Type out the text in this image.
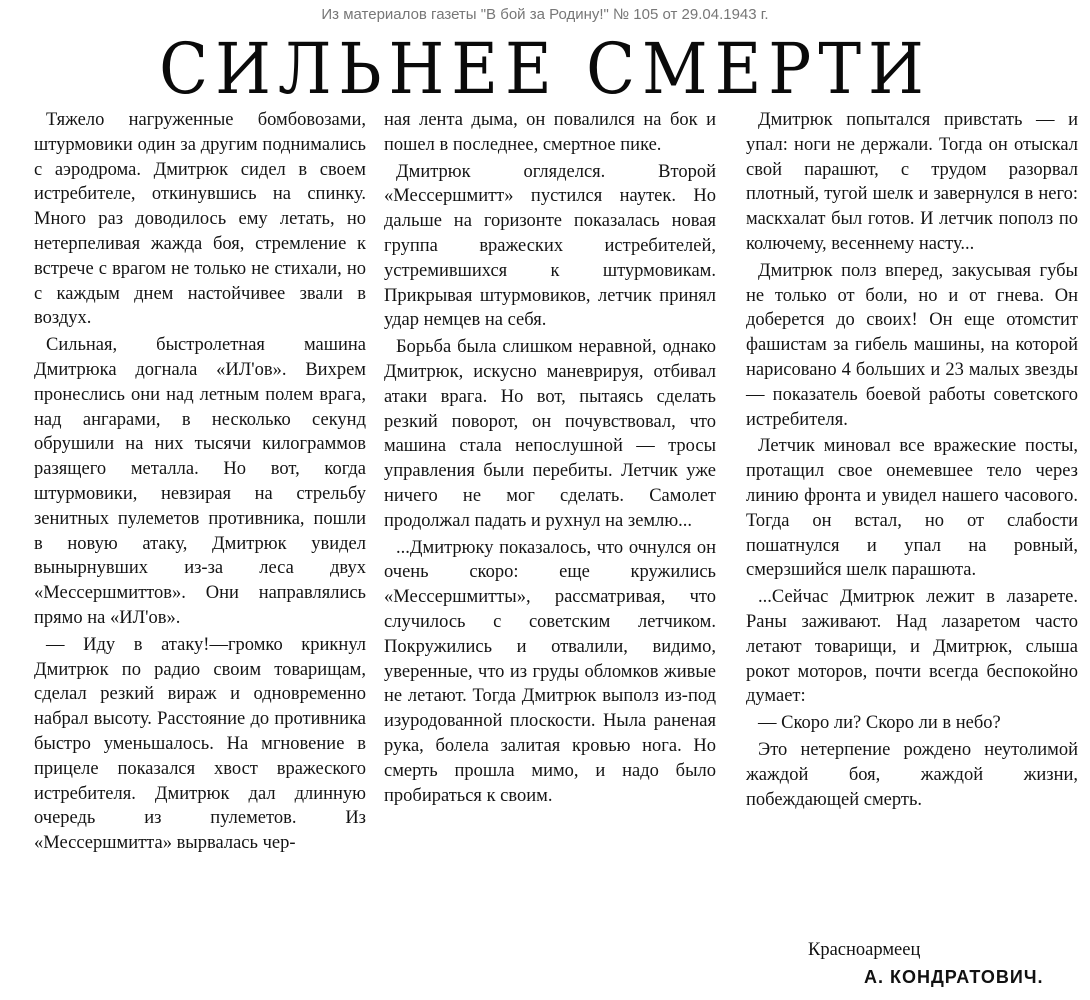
Из материалов газеты "В бой за Родину!" № 105 от 29.04.1943 г.
СИЛЬНЕЕ СМЕРТИ

Тяжело нагруженные бомбовозами, штурмовики один за другим поднимались с аэродрома. Дмитрюк сидел в своем истребителе, откинувшись на спинку. Много раз доводилось ему летать, но нетерпеливая жажда боя, стремление к встрече с врагом не только не стихали, но с каждым днем настойчивее звали в воздух.

Сильная, быстролетная машина Дмитрюка догнала «ИЛ'ов». Вихрем пронеслись они над летным полем врага, над ангарами, в несколько секунд обрушили на них тысячи килограммов разящего металла. Но вот, когда штурмовики, невзирая на стрельбу зенитных пулеметов противника, пошли в новую атаку, Дмитрюк увидел вынырнувших из-за леса двух «Мессершмиттов». Они направлялись прямо на «ИЛ'ов».

— Иду в атаку!—громко крикнул Дмитрюк по радио своим товарищам, сделал резкий вираж и одновременно набрал высоту. Расстояние до противника быстро уменьшалось. На мгновение в прицеле показался хвост вражеского истребителя. Дмитрюк дал длинную очередь из пулеметов. Из «Мессершмитта» вырвалась чер-

ная лента дыма, он повалился на бок и пошел в последнее, смертное пике.

Дмитрюк огляделся. Второй «Мессершмитт» пустился наутек. Но дальше на горизонте показалась новая группа вражеских истребителей, устремившихся к штурмовикам. Прикрывая штурмовиков, летчик принял удар немцев на себя.

Борьба была слишком неравной, однако Дмитрюк, искусно маневрируя, отбивал атаки врага. Но вот, пытаясь сделать резкий поворот, он почувствовал, что машина стала непослушной — тросы управления были перебиты. Летчик уже ничего не мог сделать. Самолет продолжал падать и рухнул на землю...

...Дмитрюку показалось, что очнулся он очень скоро: еще кружились «Мессершмитты», рассматривая, что случилось с советским летчиком. Покружились и отвалили, видимо, уверенные, что из груды обломков живые не летают. Тогда Дмитрюк выполз из-под изуродованной плоскости. Ныла раненая рука, болела залитая кровью нога. Но смерть прошла мимо, и надо было пробираться к своим.

Дмитрюк попытался привстать — и упал: ноги не держали. Тогда он отыскал свой парашют, с трудом разорвал плотный, тугой шелк и завернулся в него: маскхалат был готов. И летчик пополз по колючему, весеннему насту...

Дмитрюк полз вперед, закусывая губы не только от боли, но и от гнева. Он доберется до своих! Он еще отомстит фашистам за гибель машины, на которой нарисовано 4 больших и 23 малых звезды — показатель боевой работы советского истребителя.

Летчик миновал все вражеские посты, протащил свое онемевшее тело через линию фронта и увидел нашего часового. Тогда он встал, но от слабости пошатнулся и упал на ровный, смерзшийся шелк парашюта.

...Сейчас Дмитрюк лежит в лазарете. Раны заживают. Над лазаретом часто летают товарищи, и Дмитрюк, слыша рокот моторов, почти всегда беспокойно думает:

— Скоро ли? Скоро ли в небо?

Это нетерпение рождено неутолимой жаждой боя, жаждой жизни, побеждающей смерть.

Красноармеец
А. КОНДРАТОВИЧ.
